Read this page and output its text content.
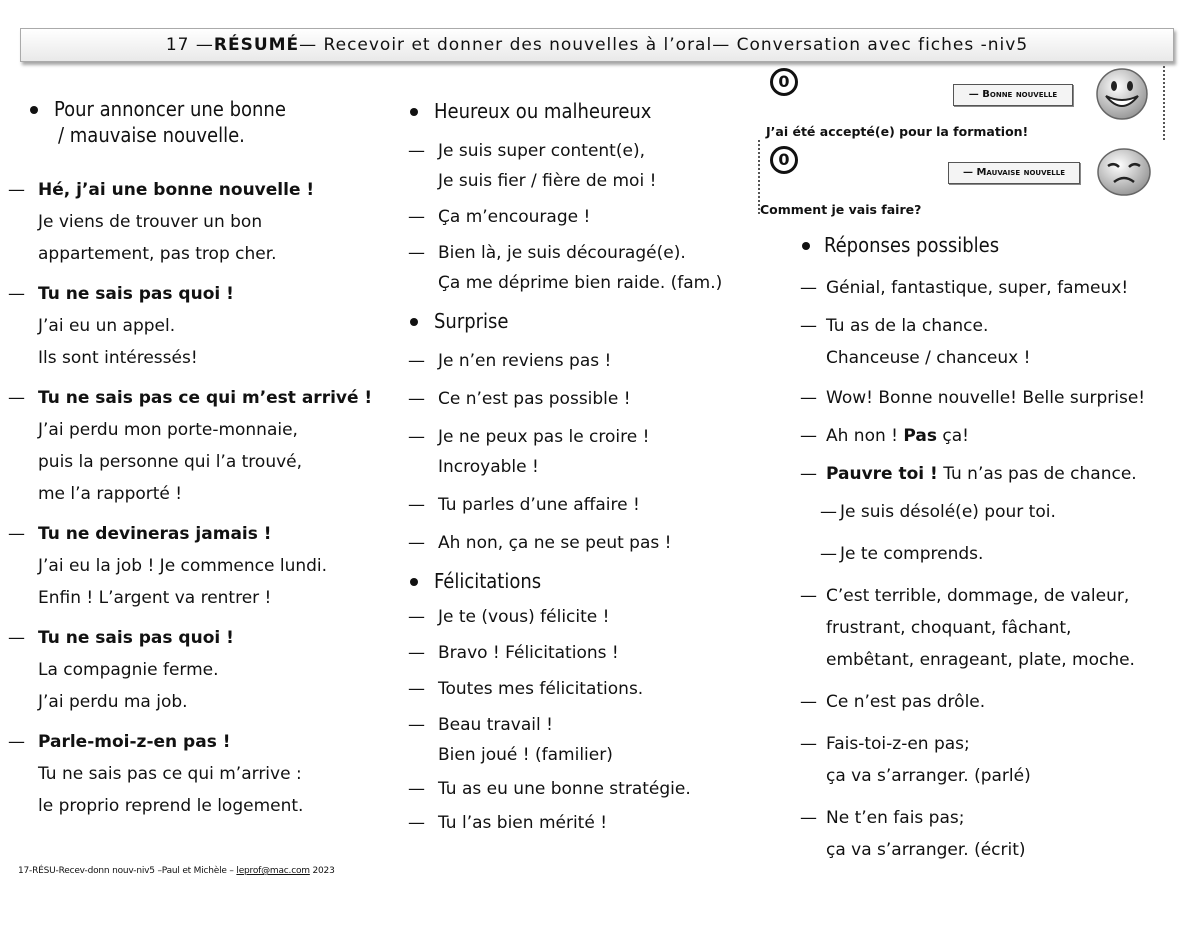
17 —RÉSUMÉ— Recevoir et donner des nouvelles à l’oral— Conversation avec fiches -niv5
Pour annoncer une bonne
/ mauvaise nouvelle.
— Hé, j’ai une bonne nouvelle !
Je viens de trouver un bon
appartement, pas trop cher.
— Tu ne sais pas quoi !
J’ai eu un appel.
Ils sont intéressés!
— Tu ne sais pas ce qui m’est arrivé !
J’ai perdu mon porte-monnaie,
puis la personne qui l’a trouvé,
me l’a rapporté !
— Tu ne devineras jamais !
J’ai eu la job ! Je commence lundi.
Enfin ! L’argent va rentrer !
— Tu ne sais pas quoi !
La compagnie ferme.
J’ai perdu ma job.
— Parle-moi-z-en pas !
Tu ne sais pas ce qui m’arrive :
le proprio reprend le logement.
17-RÉSU-Recev-donn nouv-niv5 –Paul et Michèle – leprof@mac.com 2023
Heureux ou malheureux
— Je suis super content(e),
Je suis fier / fière de moi !
— Ça m’encourage !
— Bien là, je suis découragé(e).
Ça me déprime bien raide. (fam.)
Surprise
— Je n’en reviens pas !
— Ce n’est pas possible !
— Je ne peux pas le croire !
Incroyable !
— Tu parles d’une affaire !
— Ah non, ça ne se peut pas !
Félicitations
— Je te (vous) félicite !
— Bravo ! Félicitations !
— Toutes mes félicitations.
— Beau travail !
Bien joué ! (familier)
— Tu as eu une bonne stratégie.
— Tu l’as bien mérité !
0
— Bonne nouvelle
J’ai été accepté(e) pour la formation!
0
— Mauvaise nouvelle
Comment je vais faire?
Réponses possibles
— Génial, fantastique, super, fameux!
— Tu as de la chance.
Chanceuse / chanceux !
— Wow! Bonne nouvelle! Belle surprise!
— Ah non ! Pas ça!
— Pauvre toi ! Tu n’as pas de chance.
— Je suis désolé(e) pour toi.
— Je te comprends.
— C’est terrible, dommage, de valeur,
frustrant, choquant, fâchant,
embêtant, enrageant, plate, moche.
— Ce n’est pas drôle.
— Fais-toi-z-en pas;
ça va s’arranger. (parlé)
— Ne t’en fais pas;
ça va s’arranger. (écrit)
